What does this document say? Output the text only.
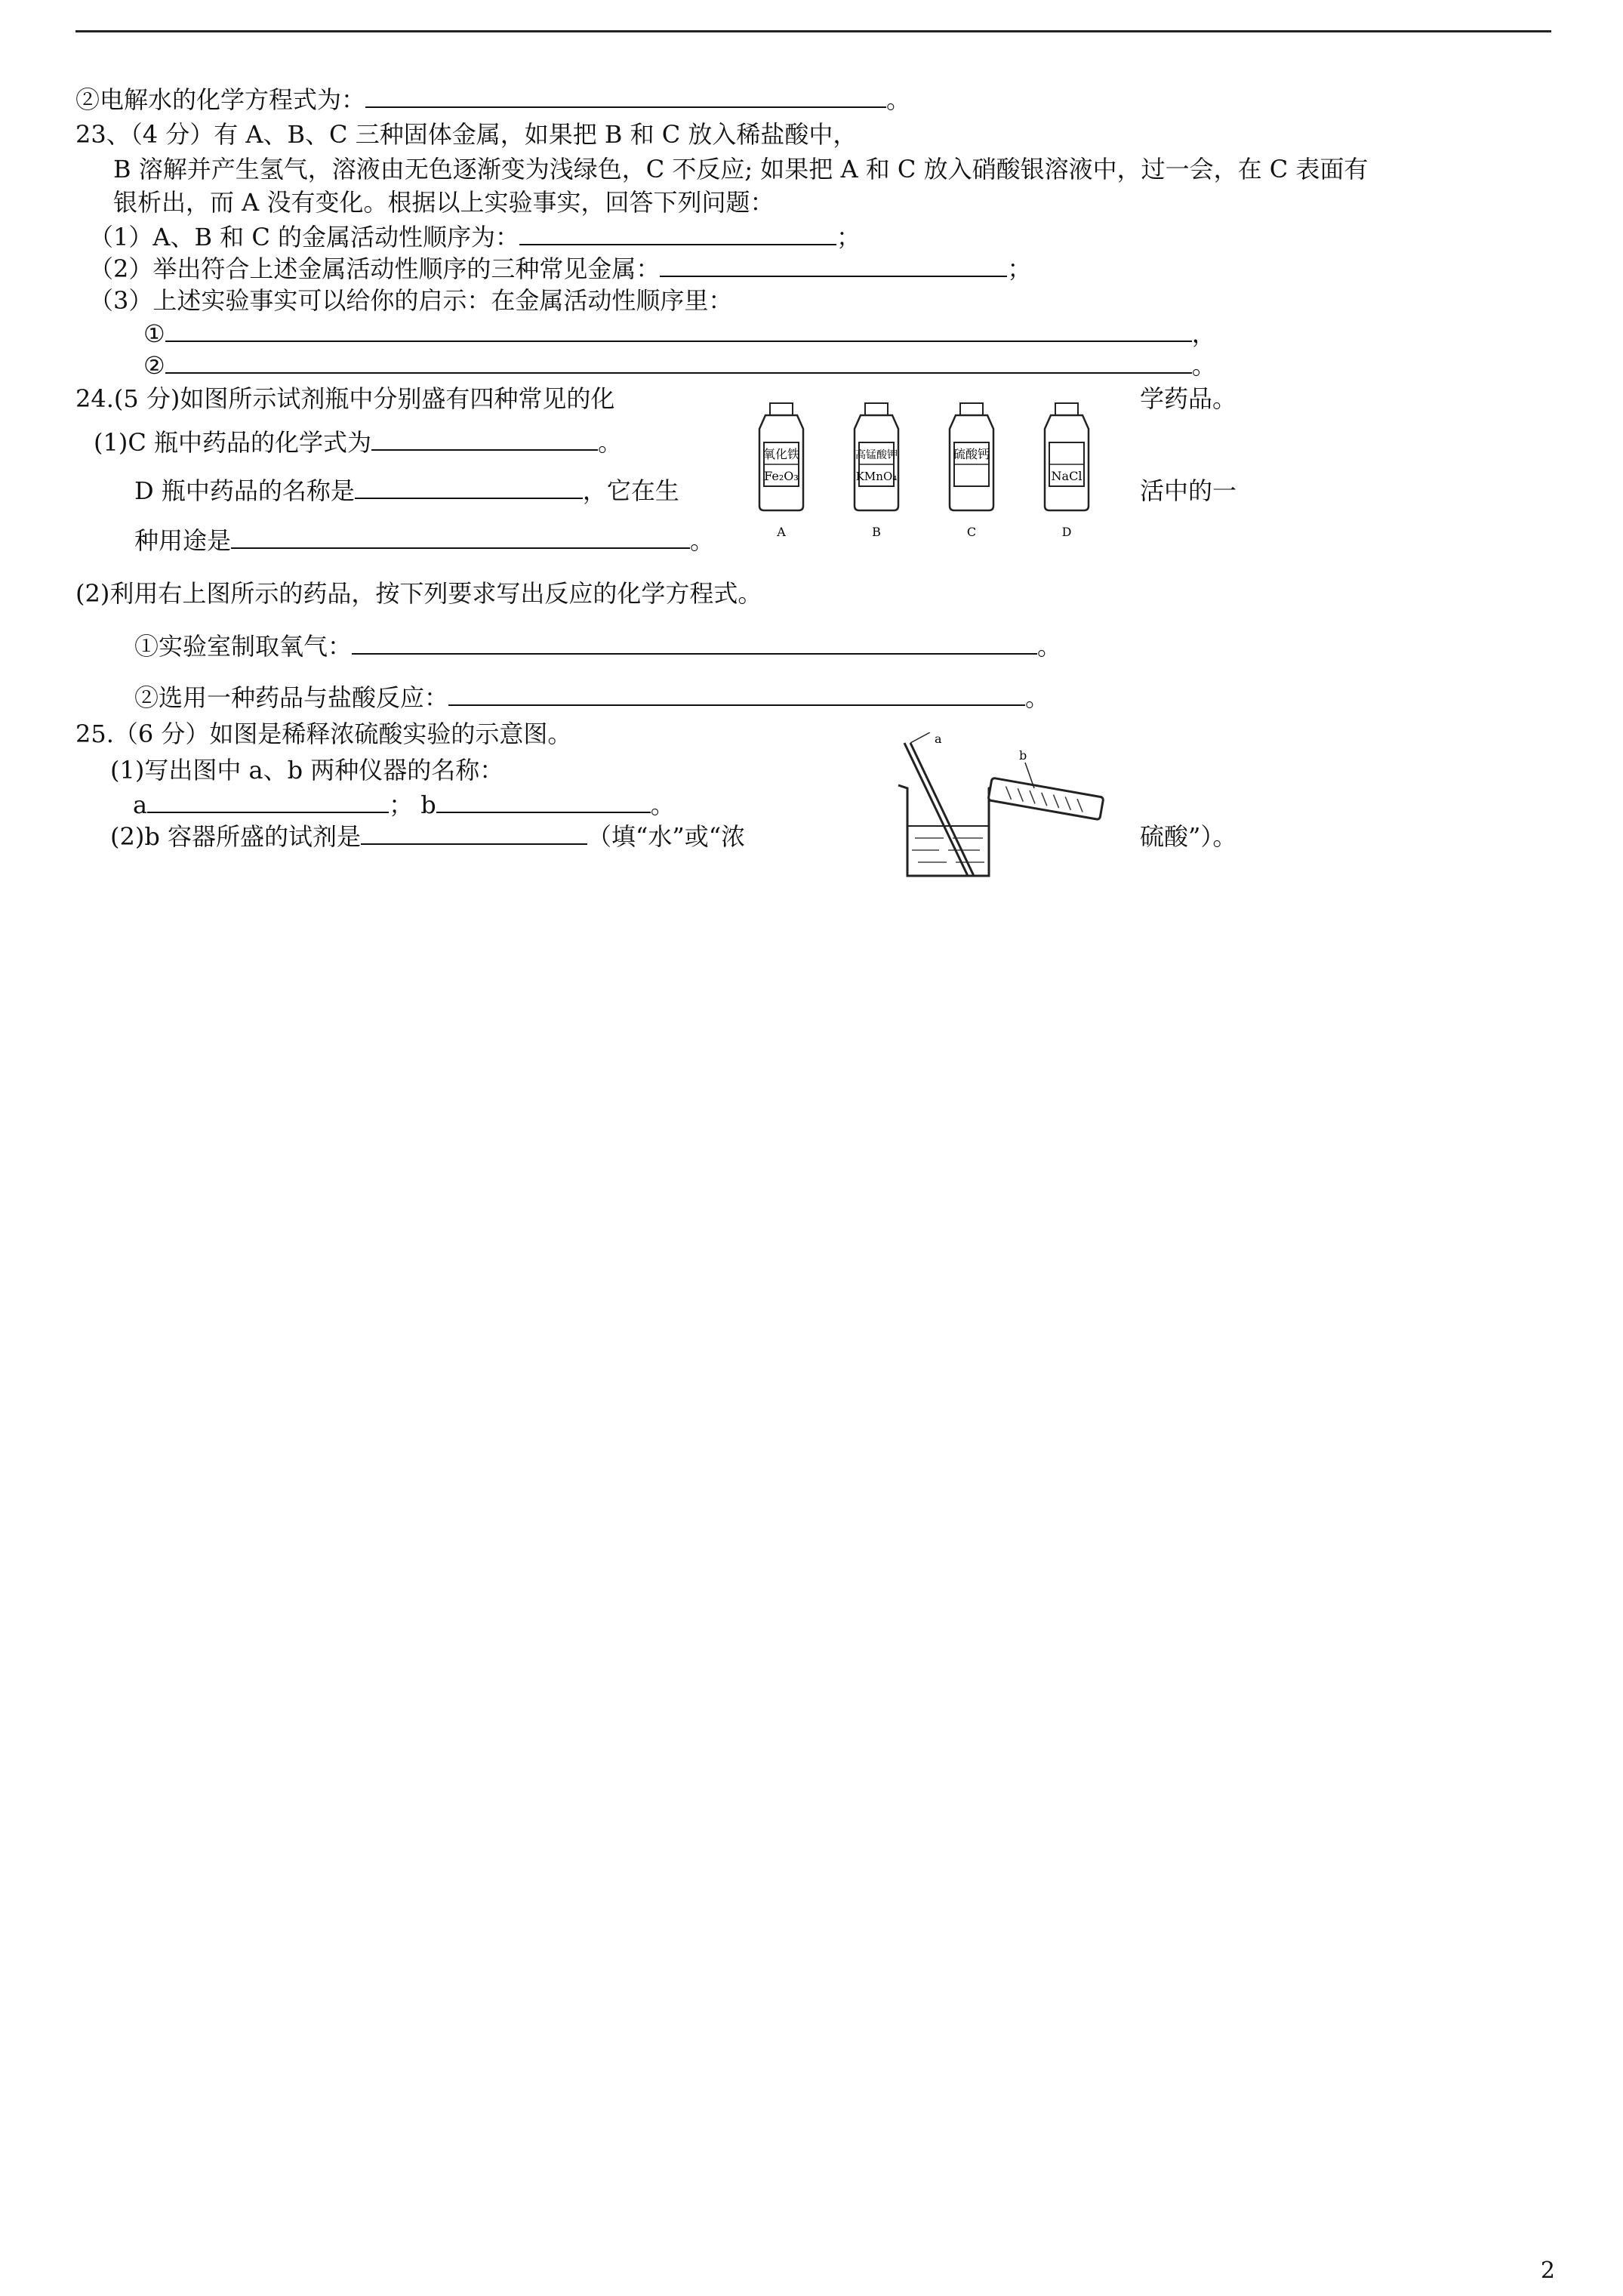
②电解水的化学方程式为：	。
23、（4 分）有 A、B、C 三种固体金属，如果把 B 和 C 放入稀盐酸中，
B 溶解并产生氢气，溶液由无色逐渐变为浅绿色，C 不反应; 如果把 A 和 C 放入硝酸银溶液中，过一会，在 C 表面有
银析出，而 A 没有变化。根据以上实验事实，回答下列问题：
（1）A、B 和 C 的金属活动性顺序为：	；
（2）举出符合上述金属活动性顺序的三种常见金属：	；
（3）上述实验事实可以给你的启示：在金属活动性顺序里：
①	，
②	。
24.(5 分)如图所示试剂瓶中分别盛有四种常见的化	学药品。
(1)C 瓶中药品的化学式为	。
D 瓶中药品的名称是	，它在生	活中的一
种用途是	。
(2)利用右上图所示的药品，按下列要求写出反应的化学方程式。
①实验室制取氧气：	。
②选用一种药品与盐酸反应：	。
氧化铁
Fe₂O₃
A
高锰酸钾
KMnO₄
B
硫酸钙
C
NaCl
D
25.（6 分）如图是稀释浓硫酸实验的示意图。
(1)写出图中 a、b 两种仪器的名称：
a	； b	。
(2)b 容器所盛的试剂是	（填“水”或“浓	硫酸”）。
a
b
2
